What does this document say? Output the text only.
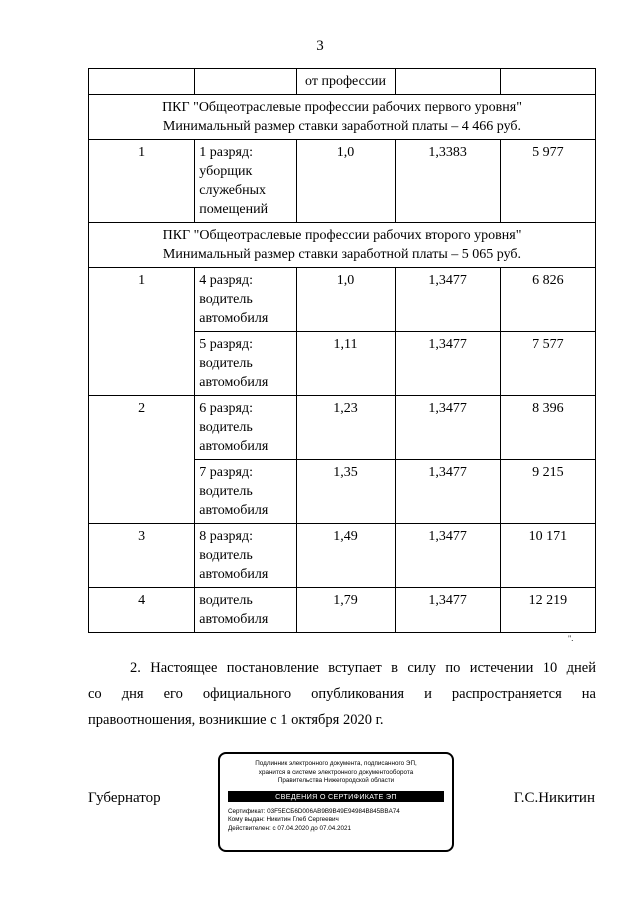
3
		от профессии		

ПКГ "Общеотраслевые профессии рабочих первого уровня"
Минимальный размер ставки заработной платы – 4 466 руб.				

1	1 разряд: уборщик служебных помещений	1,0	1,3383	5 977

ПКГ "Общеотраслевые профессии рабочих второго уровня"
Минимальный размер ставки заработной платы – 5 065 руб.				

1	4 разряд: водитель автомобиля	1,0	1,3477	6 826
	5 разряд: водитель автомобиля	1,11	1,3477	7 577
2	6 разряд: водитель автомобиля	1,23	1,3477	8 396
	7 разряд: водитель автомобиля	1,35	1,3477	9 215
3	8 разряд: водитель автомобиля	1,49	1,3477	10 171
4	водитель автомобиля	1,79	1,3477	12 219
".
2. Настоящее постановление вступает в силу по истечении 10 дней
со дня его официального опубликования и распространяется на
правоотношения, возникшие с 1 октября 2020 г.
Губернатор
Подлинник электронного документа, подписанного ЭП,
хранится в системе электронного документооборота
Правительства Нижегородской области
СВЕДЕНИЯ О СЕРТИФИКАТЕ ЭП
Сертификат: 03F5ECБ6D006AB9B9B49E94984B845BBA74
Кому выдан: Никитин Глеб Сергеевич
Действителен: с 07.04.2020 до 07.04.2021
Г.С.Никитин
